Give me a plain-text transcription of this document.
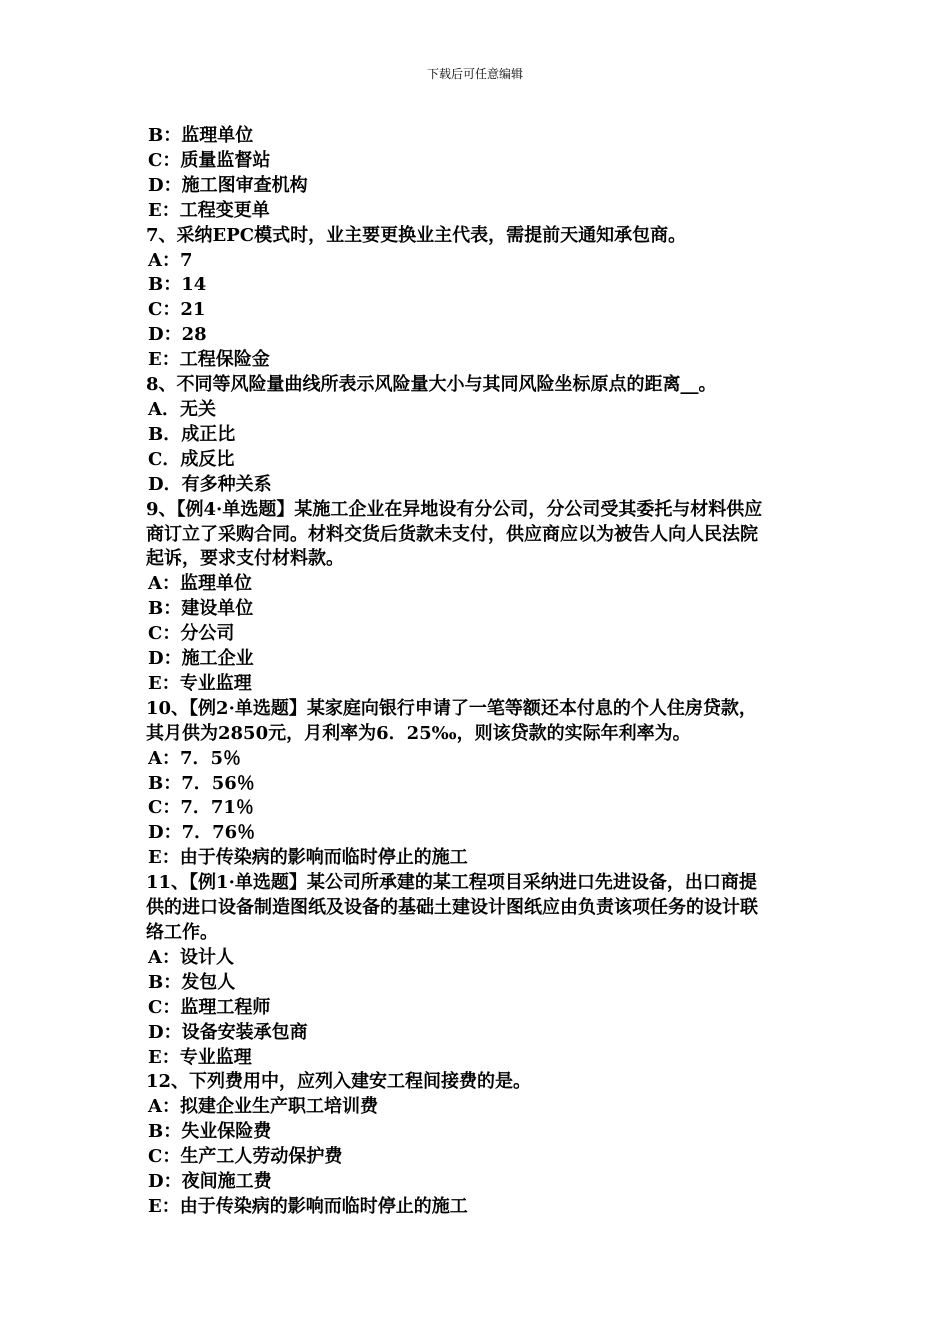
下载后可任意编辑
B：监理单位
C：质量监督站
D：施工图审查机构
E：工程变更单
7、采纳EPC模式时，业主要更换业主代表，需提前天通知承包商。
A：7
B：14
C：21
D：28
E：工程保险金
8、不同等风险量曲线所表示风险量大小与其同风险坐标原点的距离__。
A．无关
B．成正比
C．成反比
D．有多种关系
9、【例4·单选题】某施工企业在异地设有分公司，分公司受其委托与材料供应
商订立了采购合同。材料交货后货款未支付，供应商应以为被告人向人民法院
起诉，要求支付材料款。
A：监理单位
B：建设单位
C：分公司
D：施工企业
E：专业监理
10、【例2·单选题】某家庭向银行申请了一笔等额还本付息的个人住房贷款，
其月供为2850元，月利率为6．25‰，则该贷款的实际年利率为。
A：7．5％
B：7．56％
C：7．71％
D：7．76％
E：由于传染病的影响而临时停止的施工
11、【例1·单选题】某公司所承建的某工程项目采纳进口先进设备，出口商提
供的进口设备制造图纸及设备的基础土建设计图纸应由负责该项任务的设计联
络工作。
A：设计人
B：发包人
C：监理工程师
D：设备安装承包商
E：专业监理
12、下列费用中，应列入建安工程间接费的是。
A：拟建企业生产职工培训费
B：失业保险费
C：生产工人劳动保护费
D：夜间施工费
E：由于传染病的影响而临时停止的施工
